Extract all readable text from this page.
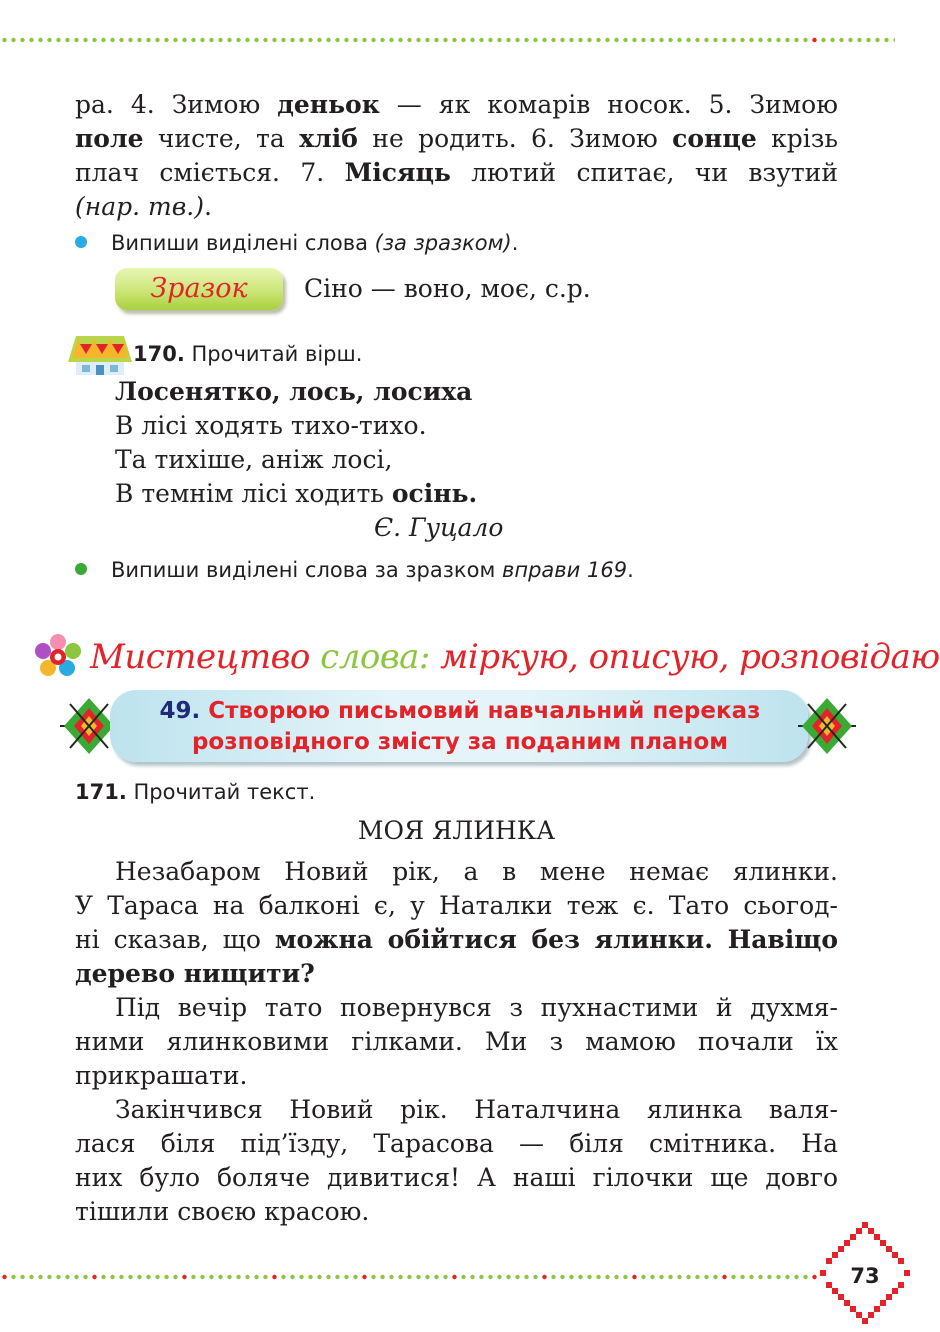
ра. 4. Зимою деньок — як комарів носок. 5. Зимою
поле чисте, та хліб не родить. 6. Зимою сонце крізь
плач сміється. 7. Місяць лютий спитає, чи взутий
(нар. тв.).
Випиши виділені слова (за зразком).
Зразок	Сіно — воно, моє, с.р.
170. Прочитай вірш.
Лосенятко, лось, лосиха
В лісі ходять тихо-тихо.
Та тихіше, аніж лосі,
В темнім лісі ходить осінь.
Є. Гуцало
Випиши виділені слова за зразком вправи 169.
Мистецтво слова: міркую, описую, розповідаю
49. Створюю письмовий навчальний переказ
розповідного змісту за поданим планом
171. Прочитай текст.
МОЯ ЯЛИНКА
Незабаром Новий рік, а в мене немає ялинки.
У Тараса на балконі є, у Наталки теж є. Тато сьогод-
ні сказав, що можна обійтися без ялинки. Навіщо
дерево нищити?
Під вечір тато повернувся з пухнастими й духмя-
ними ялинковими гілками. Ми з мамою почали їх
прикрашати.
Закінчився Новий рік. Наталчина ялинка валя-
лася біля під’їзду, Тарасова — біля смітника. На
них було боляче дивитися! А наші гілочки ще довго
тішили своєю красою.
73
